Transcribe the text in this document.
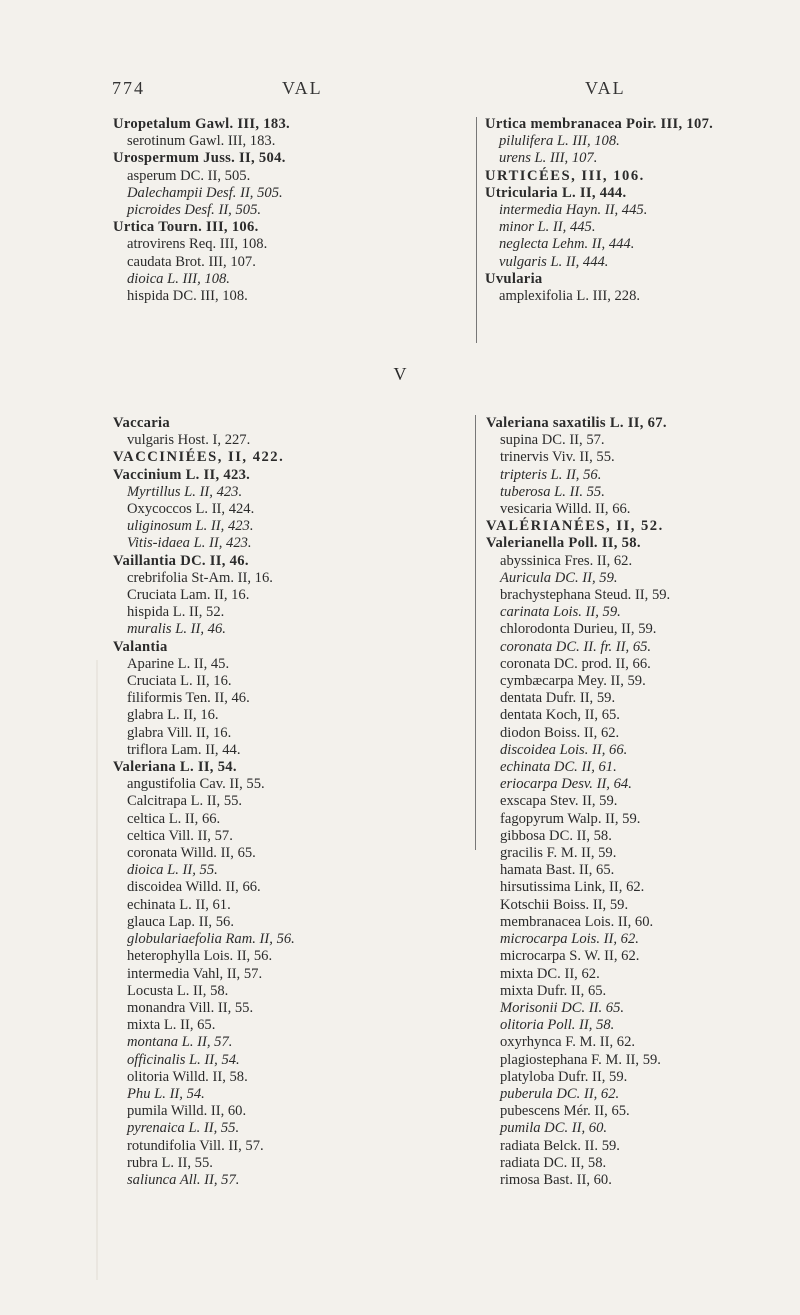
774	VAL	VAL
Uropetalum Gawl. III, 183.
serotinum Gawl. III, 183.
Urospermum Juss. II, 504.
asperum DC. II, 505.
Dalechampii Desf. II, 505.
picroides Desf. II, 505.
Urtica Tourn. III, 106.
atrovirens Req. III, 108.
caudata Brot. III, 107.
dioica L. III, 108.
hispida DC. III, 108.
Urtica membranacea Poir. III, 107.
pilulifera L. III, 108.
urens L. III, 107.
URTICÉES, III, 106.
Utricularia L. II, 444.
intermedia Hayn. II, 445.
minor L. II, 445.
neglecta Lehm. II, 444.
vulgaris L. II, 444.
Uvularia
amplexifolia L. III, 228.
V
Vaccaria
vulgaris Host. I, 227.
VACCINIÉES, II, 422.
Vaccinium L. II, 423.
Myrtillus L. II, 423.
Oxycoccos L. II, 424.
uliginosum L. II, 423.
Vitis-idaea L. II, 423.
Vaillantia DC. II, 46.
crebrifolia St-Am. II, 16.
Cruciata Lam. II, 16.
hispida L. II, 52.
muralis L. II, 46.
Valantia
Aparine L. II, 45.
Cruciata L. II, 16.
filiformis Ten. II, 46.
glabra L. II, 16.
glabra Vill. II, 16.
triflora Lam. II, 44.
Valeriana L. II, 54.
angustifolia Cav. II, 55.
Calcitrapa L. II, 55.
celtica L. II, 66.
celtica Vill. II, 57.
coronata Willd. II, 65.
dioica L. II, 55.
discoidea Willd. II, 66.
echinata L. II, 61.
glauca Lap. II, 56.
globulariaefolia Ram. II, 56.
heterophylla Lois. II, 56.
intermedia Vahl, II, 57.
Locusta L. II, 58.
monandra Vill. II, 55.
mixta L. II, 65.
montana L. II, 57.
officinalis L. II, 54.
olitoria Willd. II, 58.
Phu L. II, 54.
pumila Willd. II, 60.
pyrenaica L. II, 55.
rotundifolia Vill. II, 57.
rubra L. II, 55.
saliunca All. II, 57.
Valeriana saxatilis L. II, 67.
supina DC. II, 57.
trinervis Viv. II, 55.
tripteris L. II, 56.
tuberosa L. II. 55.
vesicaria Willd. II, 66.
VALÉRIANÉES, II, 52.
Valerianella Poll. II, 58.
abyssinica Fres. II, 62.
Auricula DC. II, 59.
brachystephana Steud. II, 59.
carinata Lois. II, 59.
chlorodonta Durieu, II, 59.
coronata DC. II. fr. II, 65.
coronata DC. prod. II, 66.
cymbæcarpa Mey. II, 59.
dentata Dufr. II, 59.
dentata Koch, II, 65.
diodon Boiss. II, 62.
discoidea Lois. II, 66.
echinata DC. II, 61.
eriocarpa Desv. II, 64.
exscapa Stev. II, 59.
fagopyrum Walp. II, 59.
gibbosa DC. II, 58.
gracilis F. M. II, 59.
hamata Bast. II, 65.
hirsutissima Link, II, 62.
Kotschii Boiss. II, 59.
membranacea Lois. II, 60.
microcarpa Lois. II, 62.
microcarpa S. W. II, 62.
mixta DC. II, 62.
mixta Dufr. II, 65.
Morisonii DC. II. 65.
olitoria Poll. II, 58.
oxyrhynca F. M. II, 62.
plagiostephana F. M. II, 59.
platyloba Dufr. II, 59.
puberula DC. II, 62.
pubescens Mér. II, 65.
pumila DC. II, 60.
radiata Belck. II. 59.
radiata DC. II, 58.
rimosa Bast. II, 60.
